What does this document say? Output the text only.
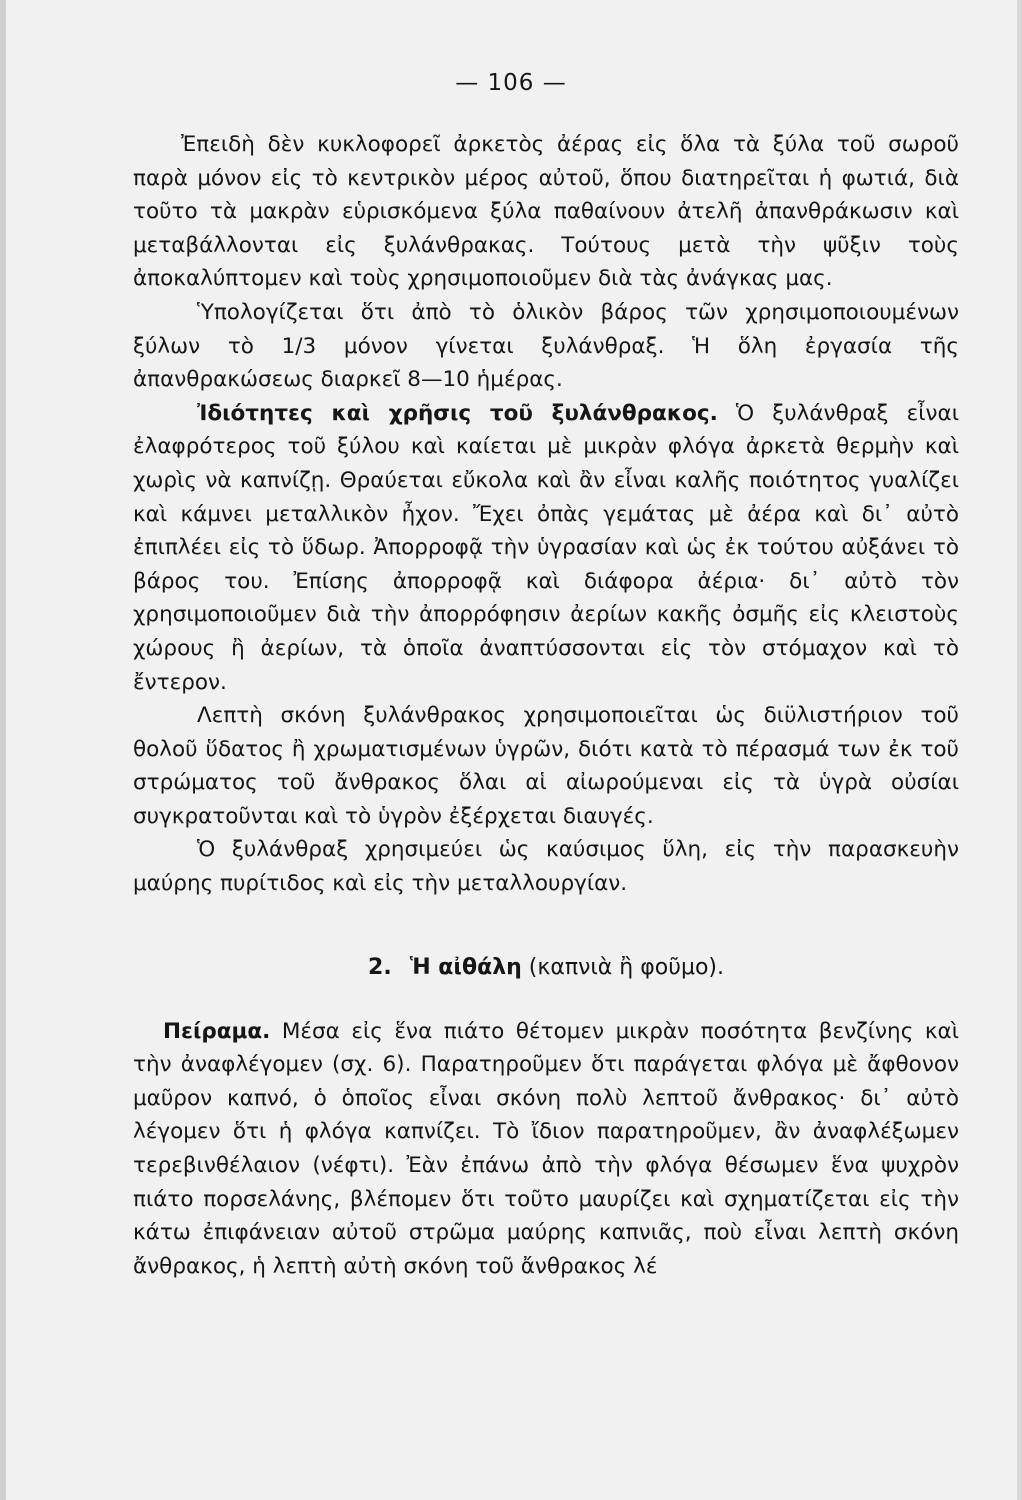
— 106 —

Ἐπειδὴ δὲν κυκλοφορεῖ ἀρκετὸς ἀέρας εἰς ὅλα τὰ ξύλα τοῦ σωροῦ παρὰ μόνον εἰς τὸ κεντρικὸν μέρος αὐτοῦ, ὅπου διατηρεῖται ἡ φωτιά, διὰ τοῦτο τὰ μακρὰν εὑρισκόμενα ξύλα παθαίνουν ἀτελῆ ἀπανθράκωσιν καὶ μεταβάλλονται εἰς ξυλάνθρακας. Τούτους μετὰ τὴν ψῦξιν τοὺς ἀποκαλύπτομεν καὶ τοὺς χρησιμοποιοῦμεν διὰ τὰς ἀνάγκας μας.

Ὑπολογίζεται ὅτι ἀπὸ τὸ ὁλικὸν βάρος τῶν χρησιμοποιουμένων ξύλων τὸ 1/3 μόνον γίνεται ξυλάνθραξ. Ἡ ὅλη ἐργασία τῆς ἀπανθρακώσεως διαρκεῖ 8—10 ἡμέρας.

Ἰδιότητες καὶ χρῆσις τοῦ ξυλάνθρακος. Ὁ ξυλάνθραξ εἶναι ἐλαφρότερος τοῦ ξύλου καὶ καίεται μὲ μικρὰν φλόγα ἀρκετὰ θερμὴν καὶ χωρὶς νὰ καπνίζῃ. Θραύεται εὔκολα καὶ ἂν εἶναι καλῆς ποιότητος γυαλίζει καὶ κάμνει μεταλλικὸν ἦχον. Ἔχει ὀπὰς γεμάτας μὲ ἀέρα καὶ δι᾽ αὐτὸ ἐπιπλέει εἰς τὸ ὕδωρ. Ἀπορροφᾷ τὴν ὑγρασίαν καὶ ὡς ἐκ τούτου αὐξάνει τὸ βάρος του. Ἐπίσης ἀπορροφᾷ καὶ διάφορα ἀέρια· δι᾽ αὐτὸ τὸν χρησιμοποιοῦμεν διὰ τὴν ἀπορρόφησιν ἀερίων κακῆς ὀσμῆς εἰς κλειστοὺς χώρους ἢ ἀερίων, τὰ ὁποῖα ἀναπτύσσονται εἰς τὸν στόμαχον καὶ τὸ ἔντερον.

Λεπτὴ σκόνη ξυλάνθρακος χρησιμοποιεῖται ὡς διϋλιστήριον τοῦ θολοῦ ὕδατος ἢ χρωματισμένων ὑγρῶν, διότι κατὰ τὸ πέρασμά των ἐκ τοῦ στρώματος τοῦ ἄνθρακος ὅλαι αἱ αἰωρούμεναι εἰς τὰ ὑγρὰ οὐσίαι συγκρατοῦνται καὶ τὸ ὑγρὸν ἐξέρχεται διαυγές.

Ὁ ξυλάνθραξ χρησιμεύει ὡς καύσιμος ὕλη, εἰς τὴν παρασκευὴν μαύρης πυρίτιδος καὶ εἰς τὴν μεταλλουργίαν.

2. Ἡ αἰθάλη (καπνιὰ ἢ φοῦμο).

Πείραμα. Μέσα εἰς ἕνα πιάτο θέτομεν μικρὰν ποσότητα βενζίνης καὶ τὴν ἀναφλέγομεν (σχ. 6). Παρατηροῦμεν ὅτι παράγεται φλόγα μὲ ἄφθονον μαῦρον καπνό, ὁ ὁποῖος εἶναι σκόνη πολὺ λεπτοῦ ἄνθρακος· δι᾽ αὐτὸ λέγομεν ὅτι ἡ φλόγα καπνίζει. Τὸ ἴδιον παρατηροῦμεν, ἂν ἀναφλέξωμεν τερεβινθέλαιον (νέφτι). Ἐὰν ἐπάνω ἀπὸ τὴν φλόγα θέσωμεν ἕνα ψυχρὸν πιάτο πορσελάνης, βλέπομεν ὅτι τοῦτο μαυρίζει καὶ σχηματίζεται εἰς τὴν κάτω ἐπιφάνειαν αὐτοῦ στρῶμα μαύρης καπνιᾶς, ποὺ εἶναι λεπτὴ σκόνη ἄνθρακος, ἡ λεπτὴ αὐτὴ σκόνη τοῦ ἄνθρακος λέ
